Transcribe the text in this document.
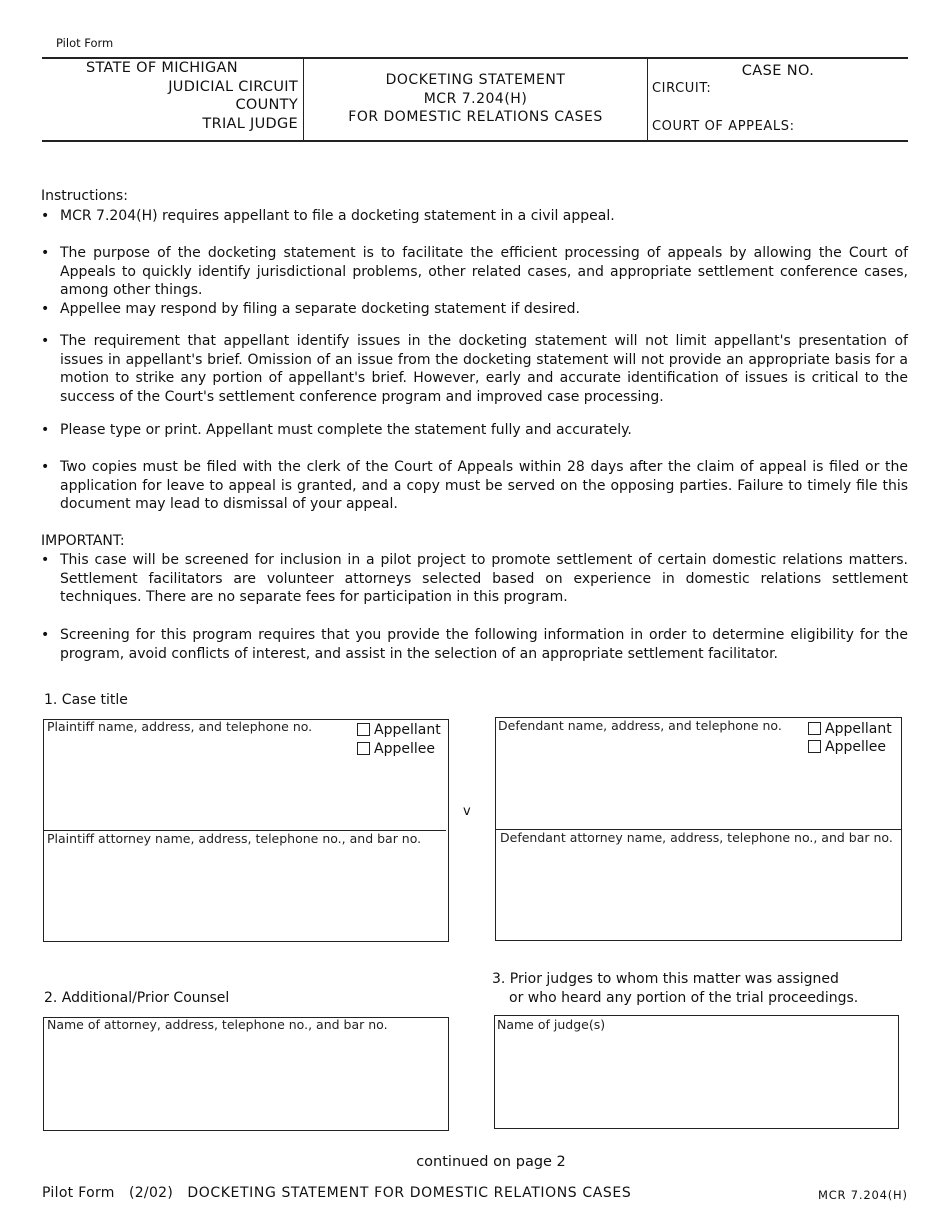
Pilot Form
STATE OF MICHIGAN
JUDICIAL CIRCUIT
COUNTY
TRIAL JUDGE
DOCKETING STATEMENT
MCR 7.204(H)
FOR DOMESTIC RELATIONS CASES
CASE NO.
CIRCUIT:
COURT OF APPEALS:
Instructions:
• MCR 7.204(H) requires appellant to file a docketing statement in a civil appeal.
• The purpose of the docketing statement is to facilitate the efficient processing of appeals by allowing the Court of Appeals to quickly identify jurisdictional problems, other related cases, and appropriate settlement conference cases, among other things.
• Appellee may respond by filing a separate docketing statement if desired.
• The requirement that appellant identify issues in the docketing statement will not limit appellant's presentation of issues in appellant's brief. Omission of an issue from the docketing statement will not provide an appropriate basis for a motion to strike any portion of appellant's brief. However, early and accurate identification of issues is critical to the success of the Court's settlement conference program and improved case processing.
• Please type or print. Appellant must complete the statement fully and accurately.
• Two copies must be filed with the clerk of the Court of Appeals within 28 days after the claim of appeal is filed or the application for leave to appeal is granted, and a copy must be served on the opposing parties. Failure to timely file this document may lead to dismissal of your appeal.
IMPORTANT:
• This case will be screened for inclusion in a pilot project to promote settlement of certain domestic relations matters. Settlement facilitators are volunteer attorneys selected based on experience in domestic relations settlement techniques. There are no separate fees for participation in this program.
• Screening for this program requires that you provide the following information in order to determine eligibility for the program, avoid conflicts of interest, and assist in the selection of an appropriate settlement facilitator.
1. Case title
Plaintiff name, address, and telephone no.	Appellant
Appellee
Plaintiff attorney name, address, telephone no., and bar no.
v
Defendant name, address, and telephone no.	Appellant
Appellee
Defendant attorney name, address, telephone no., and bar no.
2. Additional/Prior Counsel
Name of attorney, address, telephone no., and bar no.
3. Prior judges to whom this matter was assigned
or who heard any portion of the trial proceedings.
Name of judge(s)
continued on page 2
Pilot Form (2/02) DOCKETING STATEMENT FOR DOMESTIC RELATIONS CASES	MCR 7.204(H)
